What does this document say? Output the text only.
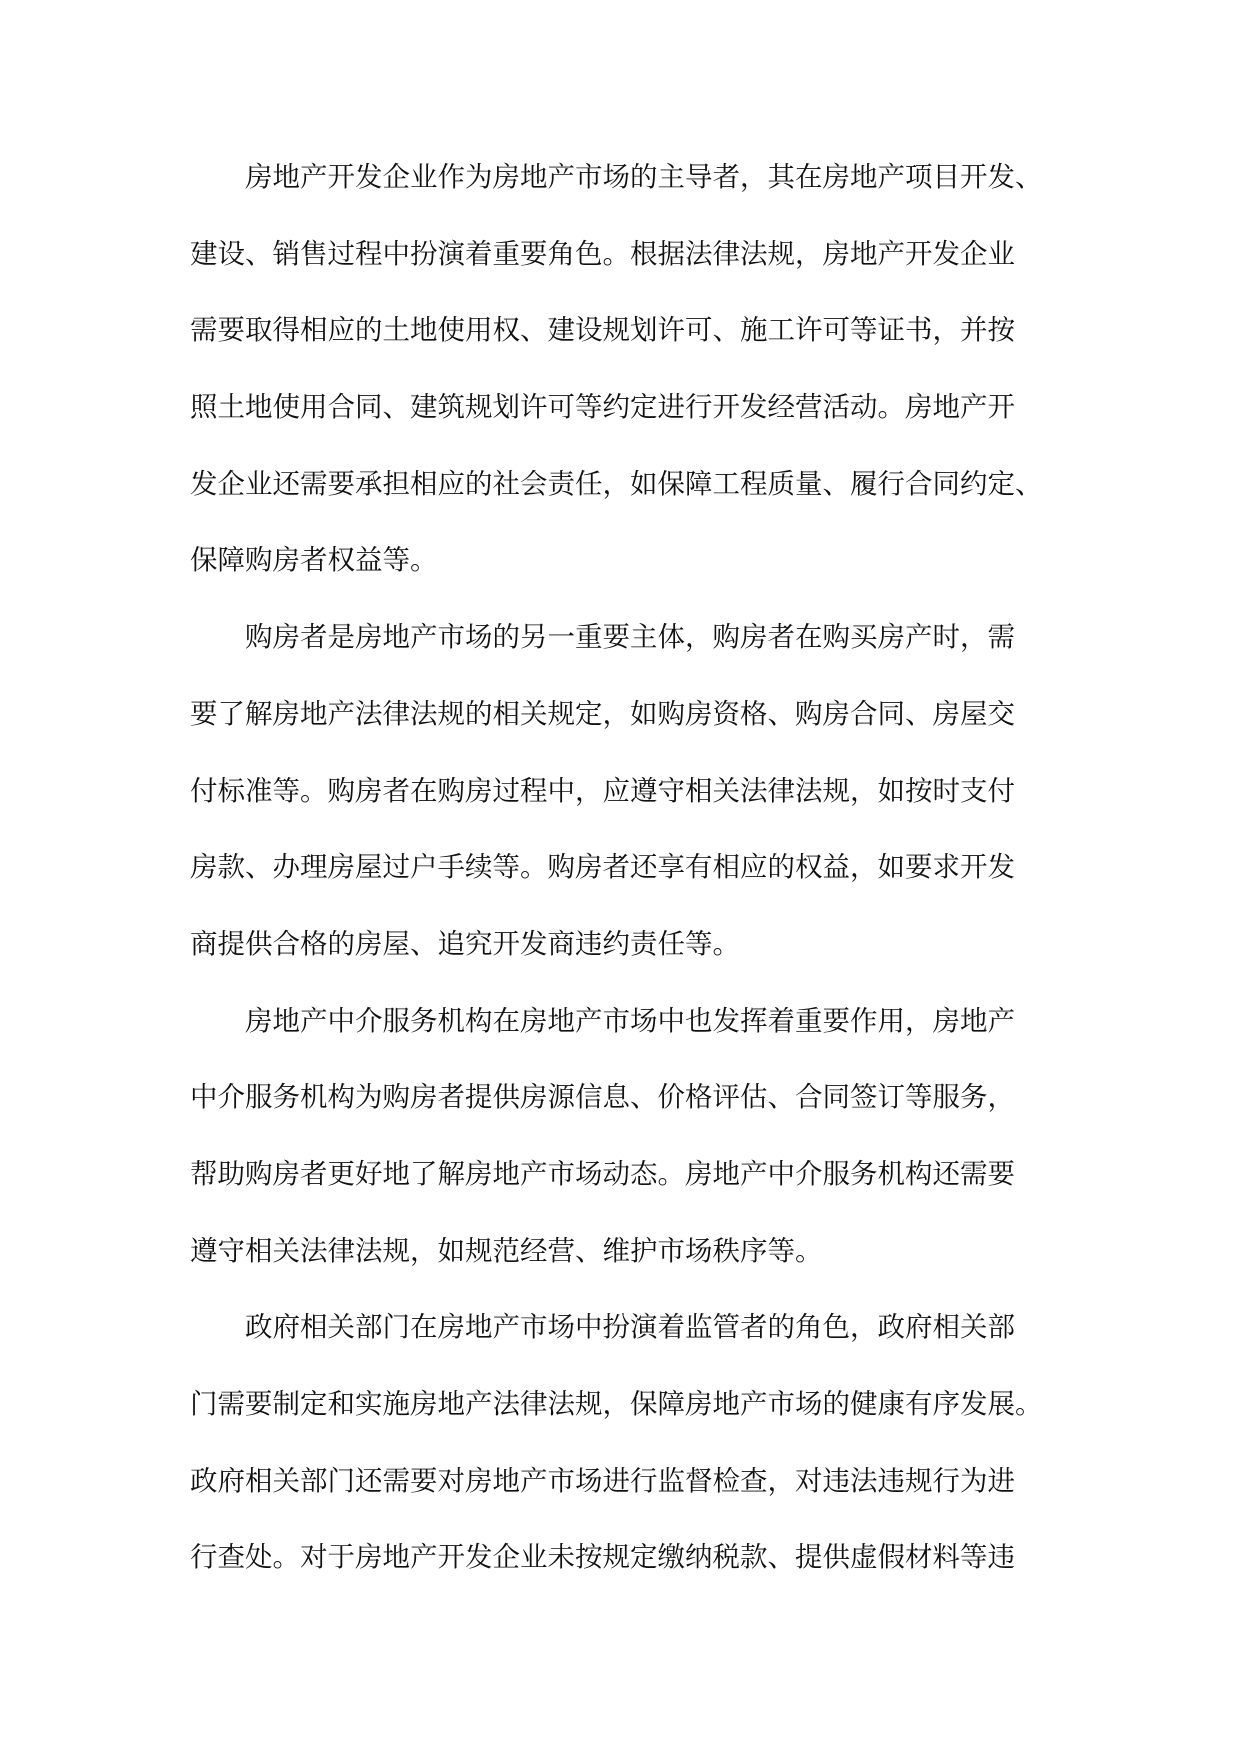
房地产开发企业作为房地产市场的主导者，其在房地产项目开发、
建设、销售过程中扮演着重要角色。根据法律法规，房地产开发企业
需要取得相应的土地使用权、建设规划许可、施工许可等证书，并按
照土地使用合同、建筑规划许可等约定进行开发经营活动。房地产开
发企业还需要承担相应的社会责任，如保障工程质量、履行合同约定、
保障购房者权益等。

购房者是房地产市场的另一重要主体，购房者在购买房产时，需
要了解房地产法律法规的相关规定，如购房资格、购房合同、房屋交
付标准等。购房者在购房过程中，应遵守相关法律法规，如按时支付
房款、办理房屋过户手续等。购房者还享有相应的权益，如要求开发
商提供合格的房屋、追究开发商违约责任等。

房地产中介服务机构在房地产市场中也发挥着重要作用，房地产
中介服务机构为购房者提供房源信息、价格评估、合同签订等服务，
帮助购房者更好地了解房地产市场动态。房地产中介服务机构还需要
遵守相关法律法规，如规范经营、维护市场秩序等。

政府相关部门在房地产市场中扮演着监管者的角色，政府相关部
门需要制定和实施房地产法律法规，保障房地产市场的健康有序发展。
政府相关部门还需要对房地产市场进行监督检查，对违法违规行为进
行查处。对于房地产开发企业未按规定缴纳税款、提供虚假材料等违
